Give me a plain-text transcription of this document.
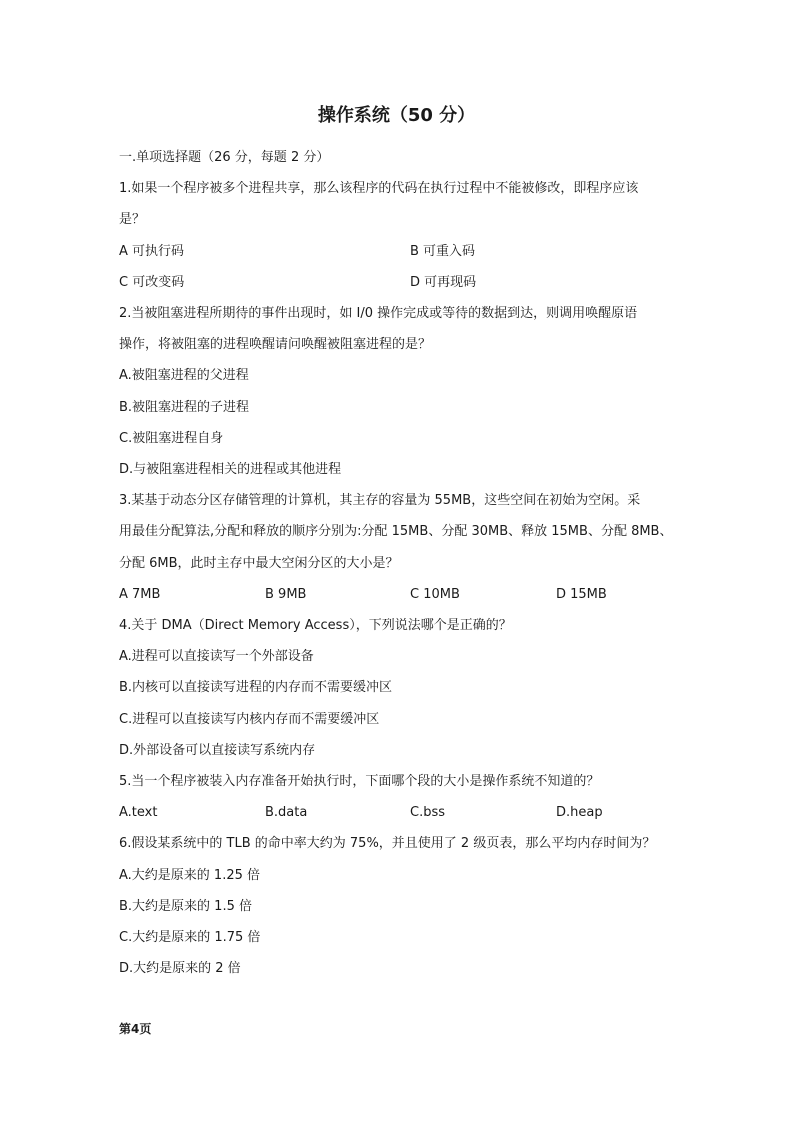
操作系统（50 分）
一.单项选择题（26 分，每题 2 分）
1.如果一个程序被多个进程共享，那么该程序的代码在执行过程中不能被修改，即程序应该
是？
A 可执行码	B 可重入码
C 可改变码	D 可再现码
2.当被阻塞进程所期待的事件出现时，如 I/0 操作完成或等待的数据到达，则调用唤醒原语
操作，将被阻塞的进程唤醒请问唤醒被阻塞进程的是？
A.被阻塞进程的父进程
B.被阻塞进程的子进程
C.被阻塞进程自身
D.与被阻塞进程相关的进程或其他进程
3.某基于动态分区存储管理的计算机，其主存的容量为 55MB，这些空间在初始为空闲。采
用最佳分配算法,分配和释放的顺序分别为:分配 15MB、分配 30MB、释放 15MB、分配 8MB、
分配 6MB，此时主存中最大空闲分区的大小是？
A 7MB	B 9MB	C 10MB	D 15MB
4.关于 DMA（Direct Memory Access），下列说法哪个是正确的？
A.进程可以直接读写一个外部设备
B.内核可以直接读写进程的内存而不需要缓冲区
C.进程可以直接读写内核内存而不需要缓冲区
D.外部设备可以直接读写系统内存
5.当一个程序被装入内存准备开始执行时，下面哪个段的大小是操作系统不知道的？
A.text	B.data	C.bss	D.heap
6.假设某系统中的 TLB 的命中率大约为 75%，并且使用了 2 级页表，那么平均内存时间为？
A.大约是原来的 1.25 倍
B.大约是原来的 1.5 倍
C.大约是原来的 1.75 倍
D.大约是原来的 2 倍
第4页
